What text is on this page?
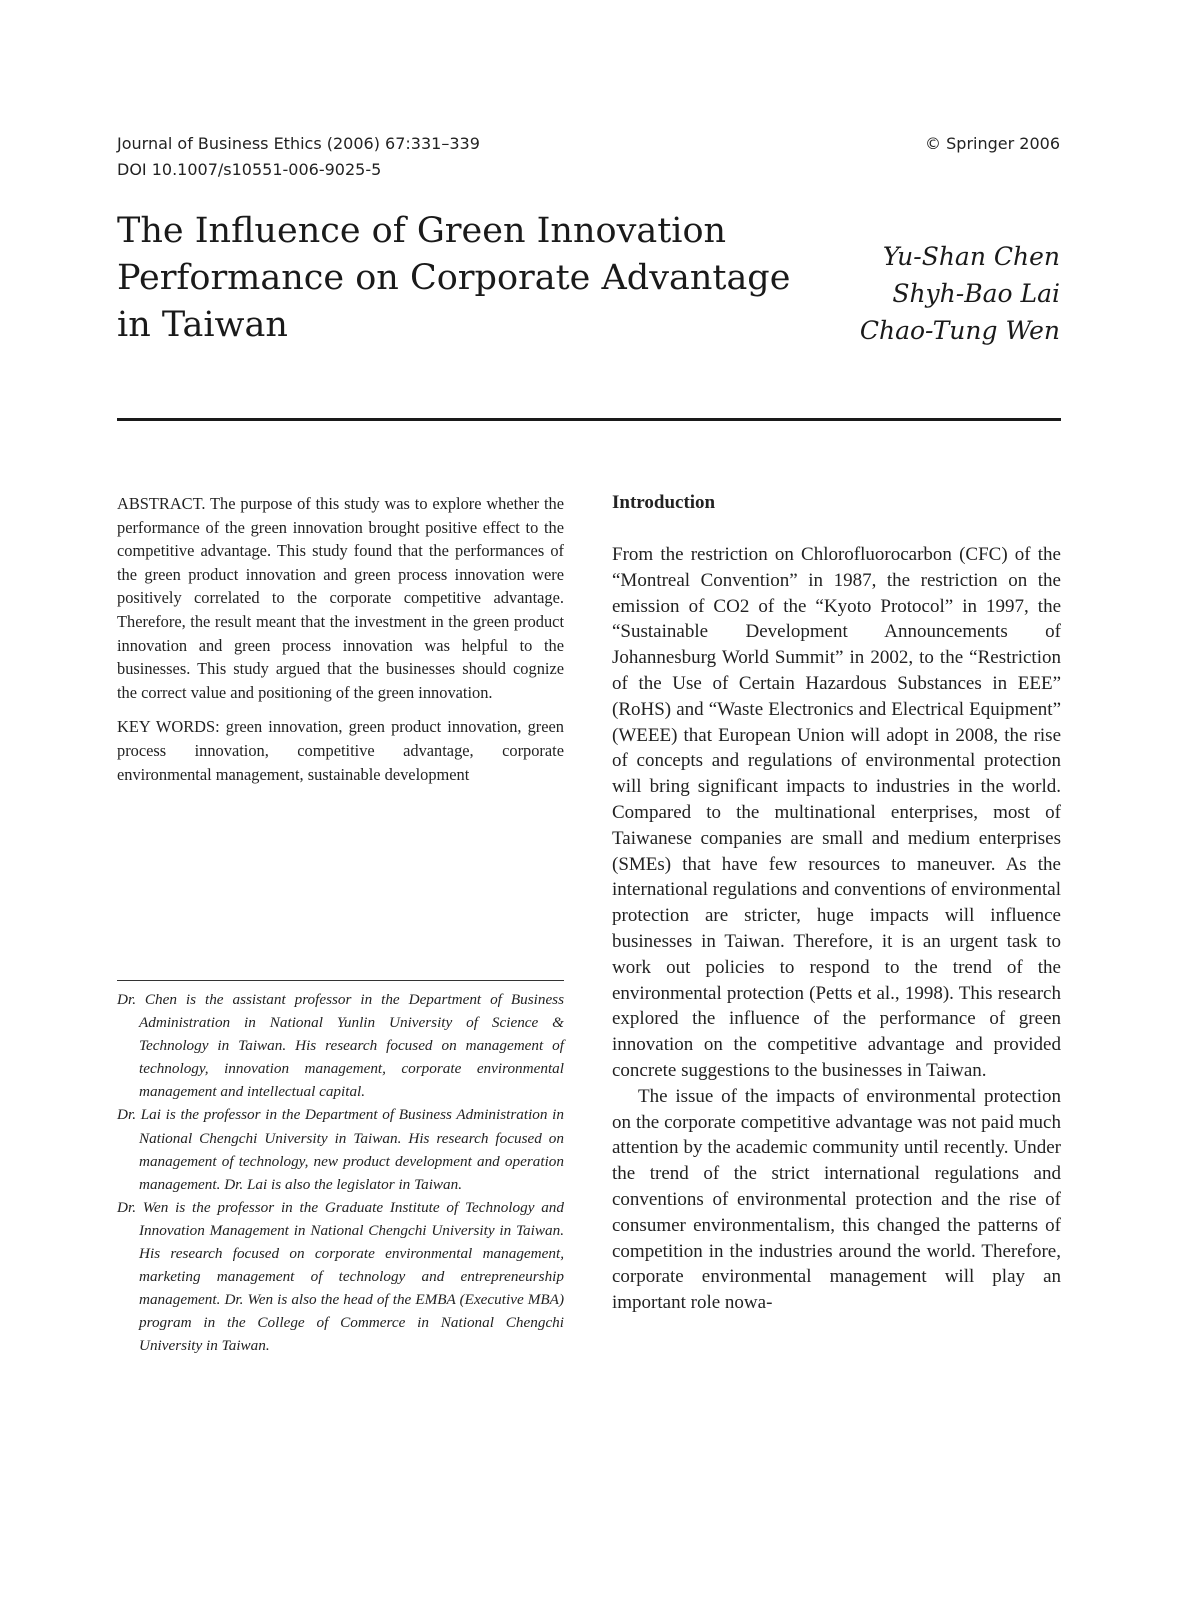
Journal of Business Ethics (2006) 67:331–339
DOI 10.1007/s10551-006-9025-5
© Springer 2006
The Influence of Green Innovation
Performance on Corporate Advantage
in Taiwan
Yu-Shan Chen
Shyh-Bao Lai
Chao-Tung Wen

ABSTRACT. The purpose of this study was to explore whether the performance of the green innovation brought positive effect to the competitive advantage. This study found that the performances of the green product innovation and green process innovation were positively correlated to the corporate competitive advantage. Therefore, the result meant that the investment in the green product innovation and green process innovation was helpful to the businesses. This study argued that the businesses should cognize the correct value and positioning of the green innovation.

KEY WORDS: green innovation, green product innovation, green process innovation, competitive advantage, corporate environmental management, sustainable development

Dr. Chen is the assistant professor in the Department of Business Administration in National Yunlin University of Science & Technology in Taiwan. His research focused on management of technology, innovation management, corporate environmental management and intellectual capital.

Dr. Lai is the professor in the Department of Business Administration in National Chengchi University in Taiwan. His research focused on management of technology, new product development and operation management. Dr. Lai is also the legislator in Taiwan.

Dr. Wen is the professor in the Graduate Institute of Technology and Innovation Management in National Chengchi University in Taiwan. His research focused on corporate environmental management, marketing management of technology and entrepreneurship management. Dr. Wen is also the head of the EMBA (Executive MBA) program in the College of Commerce in National Chengchi University in Taiwan.

Introduction

From the restriction on Chlorofluorocarbon (CFC) of the “Montreal Convention” in 1987, the restriction on the emission of CO2 of the “Kyoto Protocol” in 1997, the “Sustainable Development Announcements of Johannesburg World Summit” in 2002, to the “Restriction of the Use of Certain Hazardous Substances in EEE” (RoHS) and “Waste Electronics and Electrical Equipment” (WEEE) that European Union will adopt in 2008, the rise of concepts and regulations of environmental protection will bring significant impacts to industries in the world. Compared to the multinational enterprises, most of Taiwanese companies are small and medium enterprises (SMEs) that have few resources to maneuver. As the international regulations and conventions of environmental protection are stricter, huge impacts will influence businesses in Taiwan. Therefore, it is an urgent task to work out policies to respond to the trend of the environmental protection (Petts et al., 1998). This research explored the influence of the performance of green innovation on the competitive advantage and provided concrete suggestions to the businesses in Taiwan.

The issue of the impacts of environmental protection on the corporate competitive advantage was not paid much attention by the academic community until recently. Under the trend of the strict international regulations and conventions of environmental protection and the rise of consumer environmentalism, this changed the patterns of competition in the industries around the world. Therefore, corporate environmental management will play an important role nowa-
